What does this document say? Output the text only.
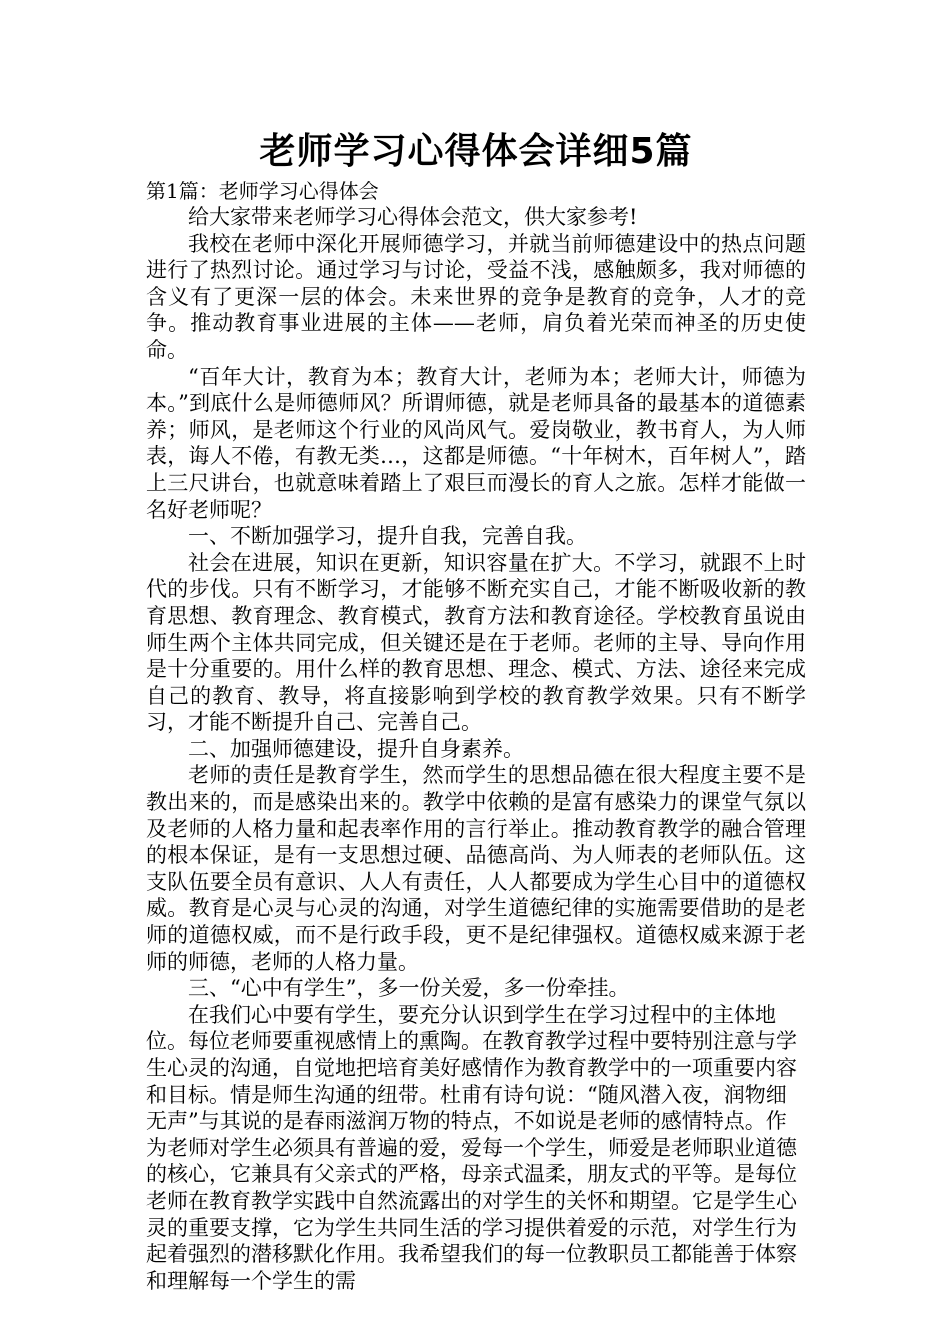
老师学习心得体会详细5篇
第1篇：老师学习心得体会

给大家带来老师学习心得体会范文，供大家参考!

我校在老师中深化开展师德学习，并就当前师德建设中的热点问题进行了热烈讨论。通过学习与讨论，受益不浅，感触颇多，我对师德的含义有了更深一层的体会。未来世界的竞争是教育的竞争，人才的竞争。推动教育事业进展的主体——老师，肩负着光荣而神圣的历史使命。

“百年大计，教育为本；教育大计，老师为本；老师大计，师德为本。”到底什么是师德师风？所谓师德，就是老师具备的最基本的道德素养；师风，是老师这个行业的风尚风气。爱岗敬业，教书育人，为人师表，诲人不倦，有教无类…，这都是师德。“十年树木，百年树人”，踏上三尺讲台，也就意味着踏上了艰巨而漫长的育人之旅。怎样才能做一名好老师呢？

一、不断加强学习，提升自我，完善自我。

社会在进展，知识在更新，知识容量在扩大。不学习，就跟不上时代的步伐。只有不断学习，才能够不断充实自己，才能不断吸收新的教育思想、教育理念、教育模式，教育方法和教育途径。学校教育虽说由师生两个主体共同完成，但关键还是在于老师。老师的主导、导向作用是十分重要的。用什么样的教育思想、理念、模式、方法、途径来完成自己的教育、教导，将直接影响到学校的教育教学效果。只有不断学习，才能不断提升自己、完善自己。

二、加强师德建设，提升自身素养。

老师的责任是教育学生，然而学生的思想品德在很大程度主要不是教出来的，而是感染出来的。教学中依赖的是富有感染力的课堂气氛以及老师的人格力量和起表率作用的言行举止。推动教育教学的融合管理的根本保证，是有一支思想过硬、品德高尚、为人师表的老师队伍。这支队伍要全员有意识、人人有责任，人人都要成为学生心目中的道德权威。教育是心灵与心灵的沟通，对学生道德纪律的实施需要借助的是老师的道德权威，而不是行政手段，更不是纪律强权。道德权威来源于老师的师德，老师的人格力量。

三、“心中有学生”，多一份关爱，多一份牵挂。

在我们心中要有学生，要充分认识到学生在学习过程中的主体地位。每位老师要重视感情上的熏陶。在教育教学过程中要特别注意与学生心灵的沟通，自觉地把培育美好感情作为教育教学中的一项重要内容和目标。情是师生沟通的纽带。杜甫有诗句说：“随风潜入夜，润物细无声”与其说的是春雨滋润万物的特点，不如说是老师的感情特点。作为老师对学生必须具有普遍的爱，爱每一个学生，师爱是老师职业道德的核心，它兼具有父亲式的严格，母亲式温柔，朋友式的平等。是每位老师在教育教学实践中自然流露出的对学生的关怀和期望。它是学生心灵的重要支撑，它为学生共同生活的学习提供着爱的示范，对学生行为起着强烈的潜移默化作用。我希望我们的每一位教职员工都能善于体察和理解每一个学生的需
